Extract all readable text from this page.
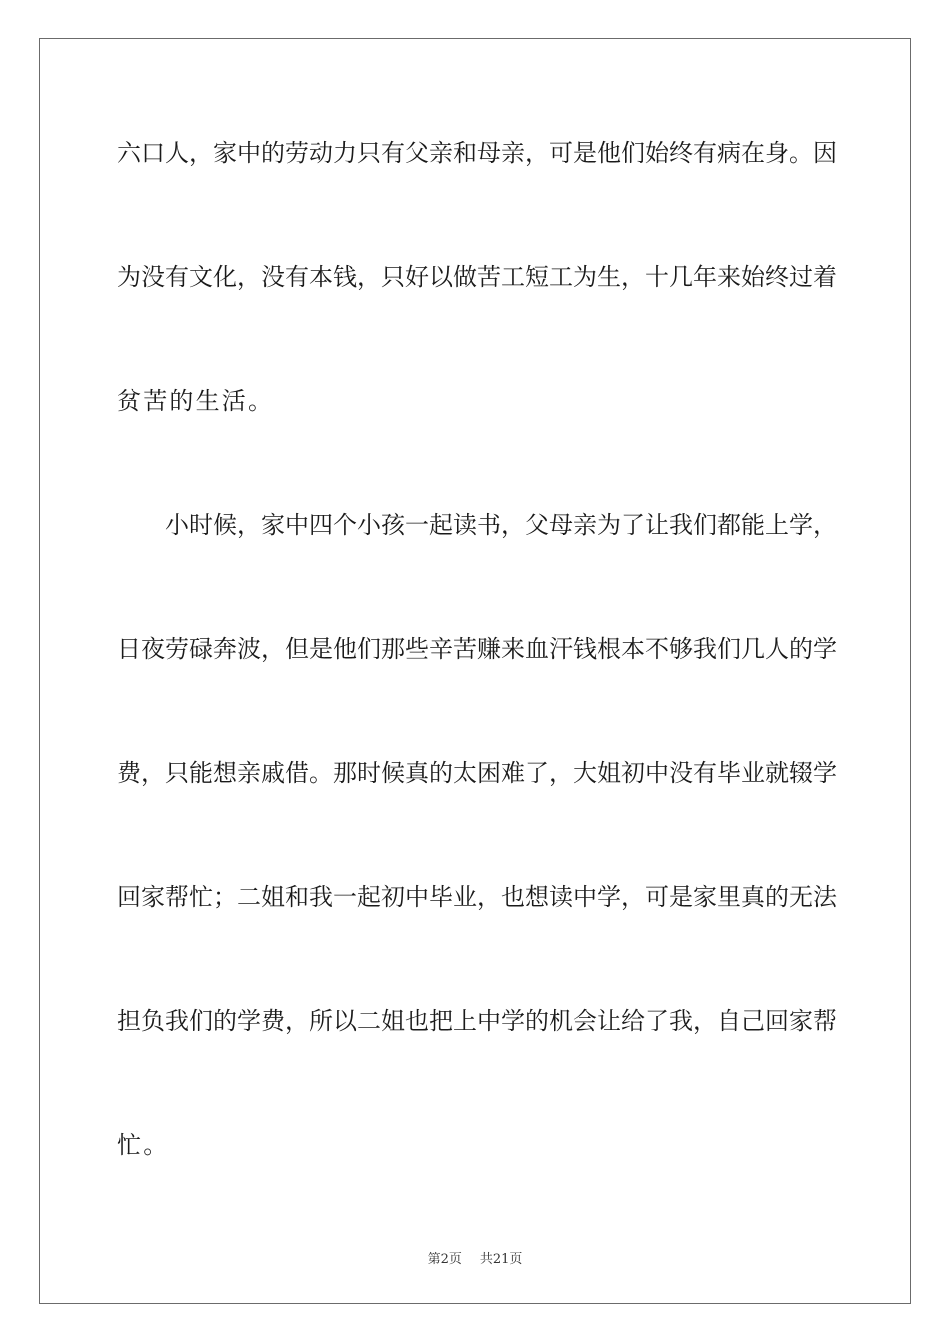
六口人，家中的劳动力只有父亲和母亲，可是他们始终有病在身。因
为没有文化，没有本钱，只好以做苦工短工为生，十几年来始终过着
贫苦的生活。
小时候，家中四个小孩一起读书，父母亲为了让我们都能上学，
日夜劳碌奔波，但是他们那些辛苦赚来血汗钱根本不够我们几人的学
费，只能想亲戚借。那时候真的太困难了，大姐初中没有毕业就辍学
回家帮忙；二姐和我一起初中毕业，也想读中学，可是家里真的无法
担负我们的学费，所以二姐也把上中学的机会让给了我，自己回家帮
忙。
第2页 共21页
